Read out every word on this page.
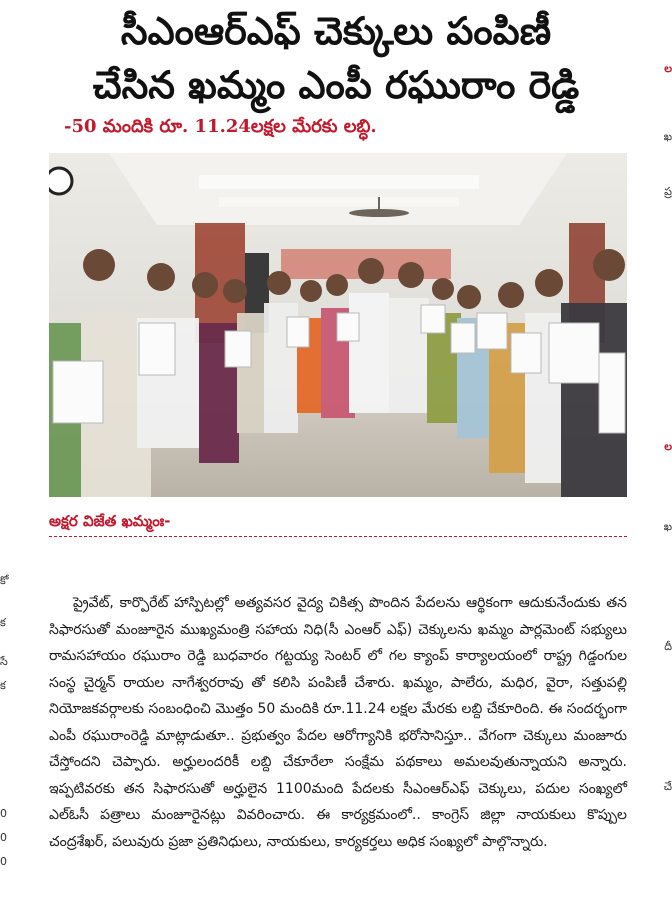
కో
క
సే
క
0
0
0
ల
ఖ
ప్ర
ల
ఖ
దీ
చే
సీఎంఆర్ఎఫ్ చెక్కులు పంపిణీ
చేసిన ఖమ్మం ఎంపీ రఘురాం రెడ్డి

-50 మందికి రూ. 11.24లక్షల మేరకు లబ్ధి.

అక్షర విజేత ఖమ్మంః-

ప్రైవేట్, కార్పొరేట్ హాస్పిటల్లో అత్యవసర వైద్య చికిత్స పొందిన పేదలను ఆర్థికంగా ఆదుకునేందుకు తన సిఫారసుతో మంజూరైన ముఖ్యమంత్రి సహాయ నిధి(సీ ఎంఆర్ ఎఫ్) చెక్కులను ఖమ్మం పార్లమెంట్ సభ్యులు రామసహాయం రఘురాం రెడ్డి బుధవారం గట్టయ్య సెంటర్ లో గల క్యాంప్ కార్యాలయంలో రాష్ట్ర గిడ్డంగుల సంస్థ చైర్మన్ రాయల నాగేశ్వరరావు తో కలిసి పంపిణీ చేశారు. ఖమ్మం, పాలేరు, మధిర, వైరా, సత్తుపల్లి నియోజకవర్గాలకు సంబంధించి మొత్తం 50 మందికి రూ.11.24 లక్షల మేరకు లబ్ది చేకూరింది. ఈ సందర్భంగా ఎంపీ రఘురాంరెడ్డి మాట్లాడుతూ.. ప్రభుత్వం పేదల ఆరోగ్యానికి భరోసానిస్తూ.. వేగంగా చెక్కులు మంజూరు చేస్తోందని చెప్పారు. అర్హులందరికీ లబ్ది చేకూరేలా సంక్షేమ పథకాలు అమలవుతున్నాయని అన్నారు. ఇప్పటివరకు తన సిఫారసుతో అర్హులైన 1100మంది పేదలకు సీఎంఆర్ఎఫ్ చెక్కులు, పదుల సంఖ్యలో ఎల్ఓసీ పత్రాలు మంజూరైనట్లు వివరించారు. ఈ కార్యక్రమంలో.. కాంగ్రెస్ జిల్లా నాయకులు కొప్పుల చంద్రశేఖర్, పలువురు ప్రజా ప్రతినిధులు, నాయకులు, కార్యకర్తలు అధిక సంఖ్యలో పాల్గొన్నారు.
